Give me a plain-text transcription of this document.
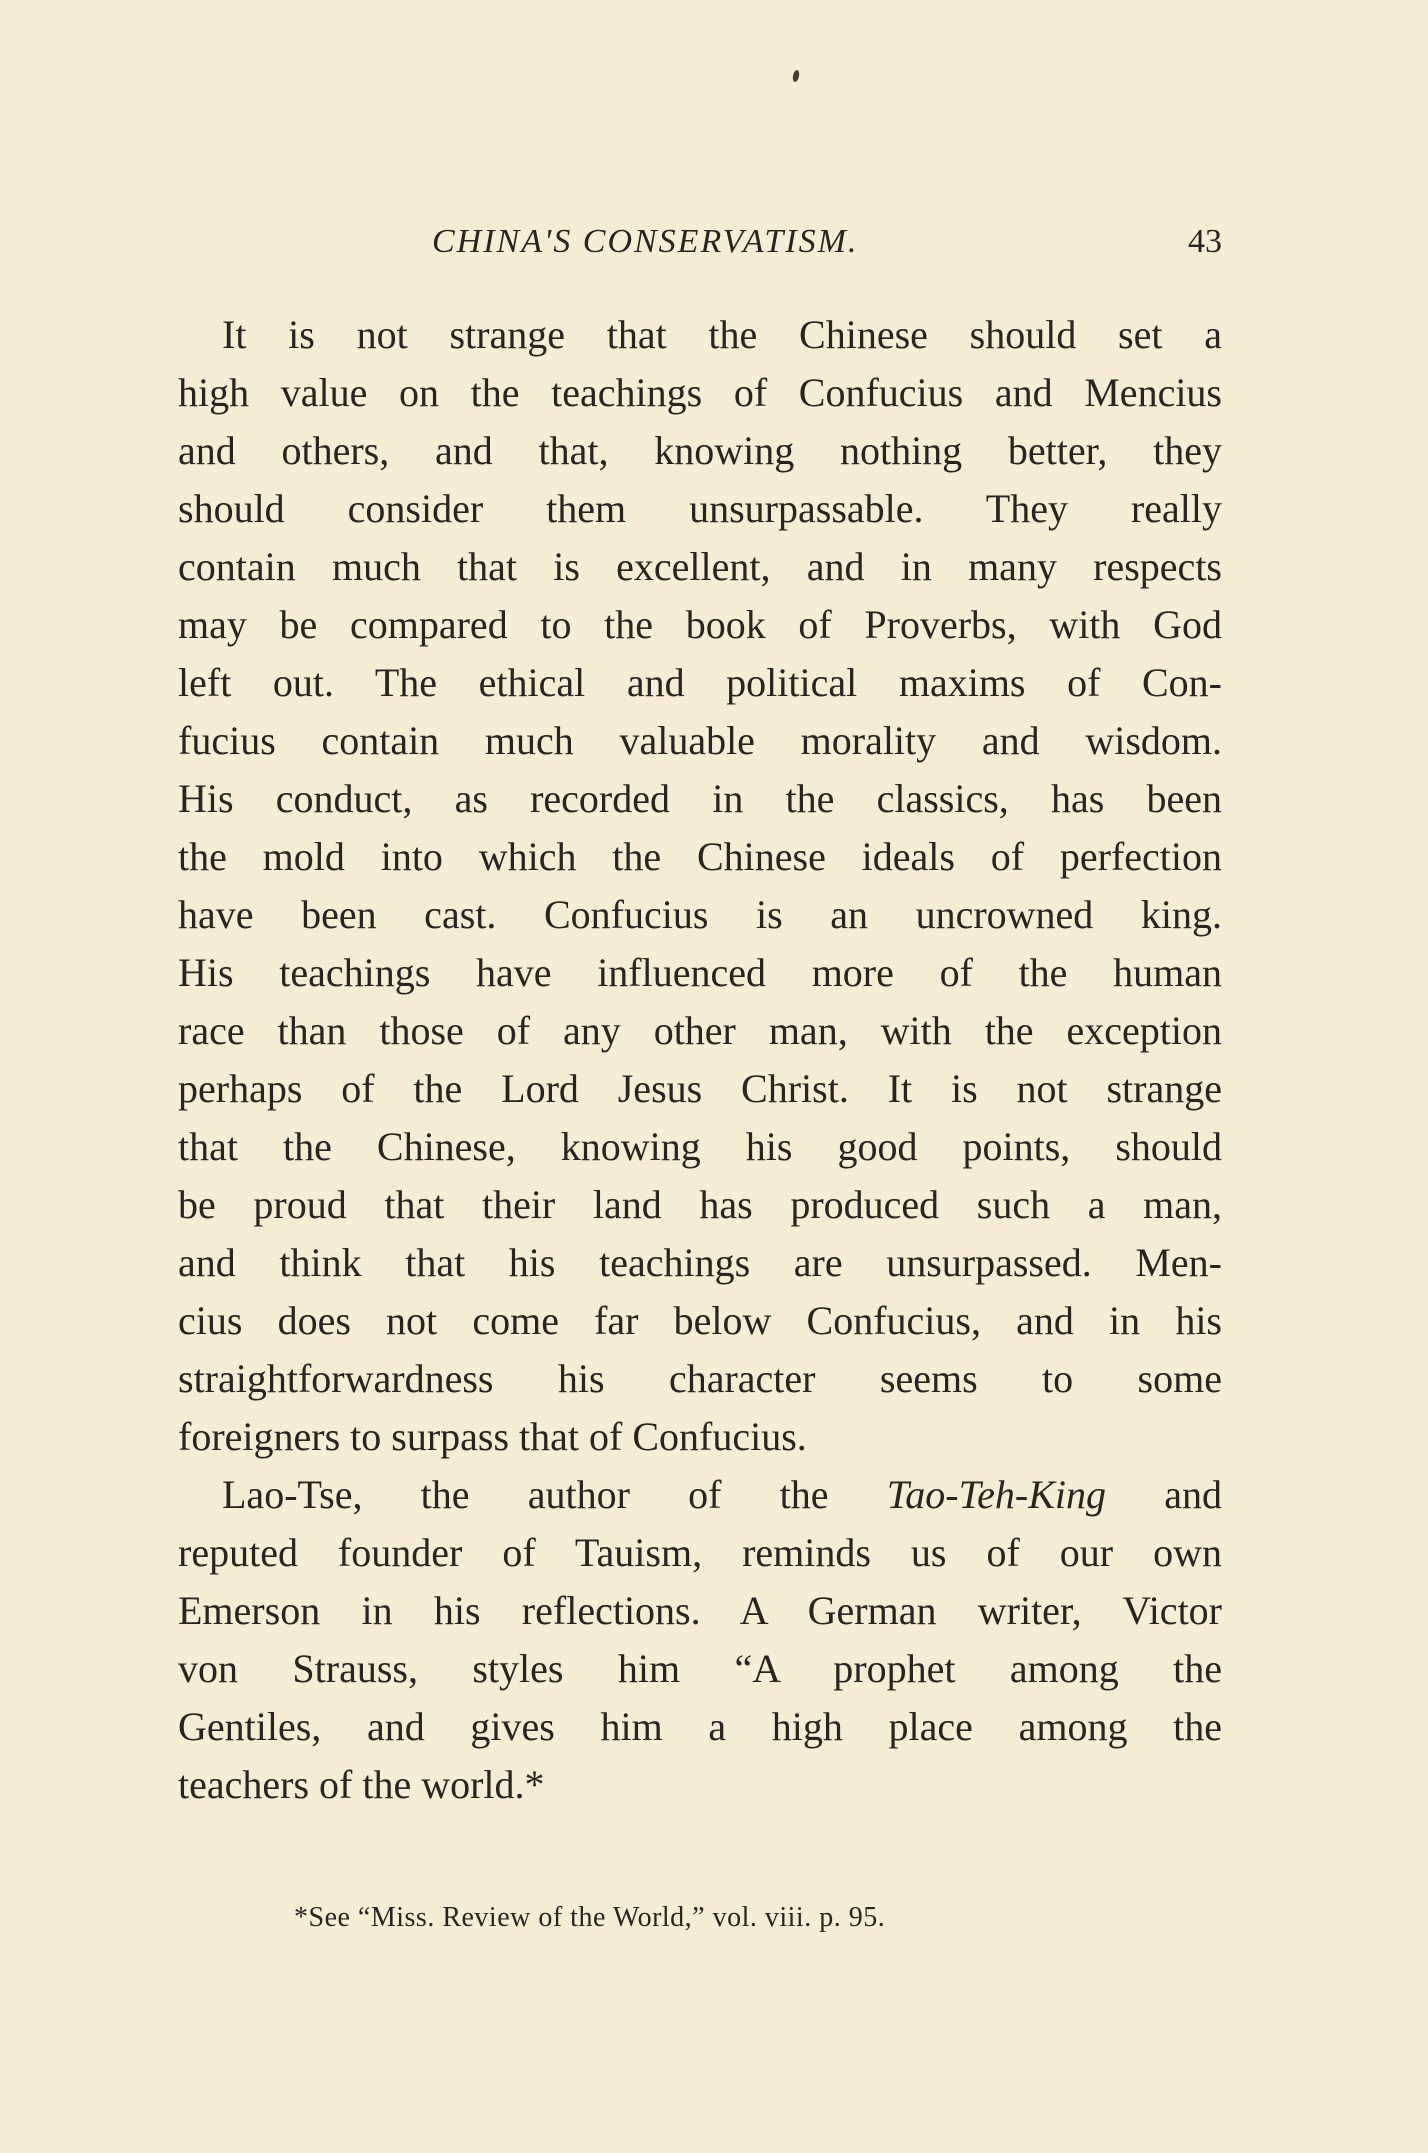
CHINA'S CONSERVATISM.	43
It is not strange that the Chinese should set a
high value on the teachings of Confucius and Mencius
and others, and that, knowing nothing better, they
should consider them unsurpassable. They really
contain much that is excellent, and in many respects
may be compared to the book of Proverbs, with God
left out. The ethical and political maxims of Con-
fucius contain much valuable morality and wisdom.
His conduct, as recorded in the classics, has been
the mold into which the Chinese ideals of perfection
have been cast. Confucius is an uncrowned king.
His teachings have influenced more of the human
race than those of any other man, with the exception
perhaps of the Lord Jesus Christ. It is not strange
that the Chinese, knowing his good points, should
be proud that their land has produced such a man,
and think that his teachings are unsurpassed. Men-
cius does not come far below Confucius, and in his
straightforwardness his character seems to some
foreigners to surpass that of Confucius.
Lao-Tse, the author of the Tao-Teh-King and
reputed founder of Tauism, reminds us of our own
Emerson in his reflections. A German writer, Victor
von Strauss, styles him “A prophet among the
Gentiles, and gives him a high place among the
teachers of the world.*
*See “Miss. Review of the World,” vol. viii. p. 95.
